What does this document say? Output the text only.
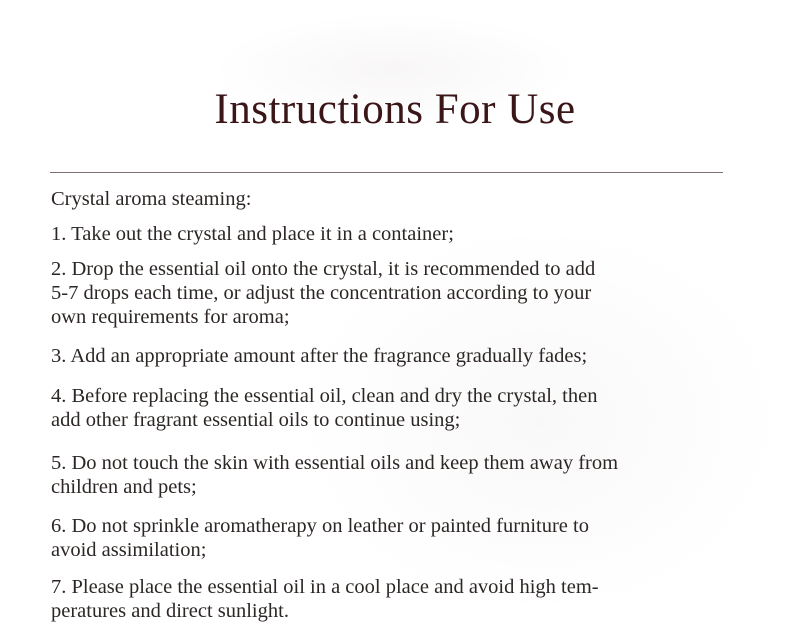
Instructions For Use
Crystal aroma steaming:
1. Take out the crystal and place it in a container;
2. Drop the essential oil onto the crystal, it is recommended to add
5-7 drops each time, or adjust the concentration according to your
own requirements for aroma;
3. Add an appropriate amount after the fragrance gradually fades;
4. Before replacing the essential oil, clean and dry the crystal, then
add other fragrant essential oils to continue using;
5. Do not touch the skin with essential oils and keep them away from
children and pets;
6. Do not sprinkle aromatherapy on leather or painted furniture to
avoid assimilation;
7. Please place the essential oil in a cool place and avoid high tem-
peratures and direct sunlight.
